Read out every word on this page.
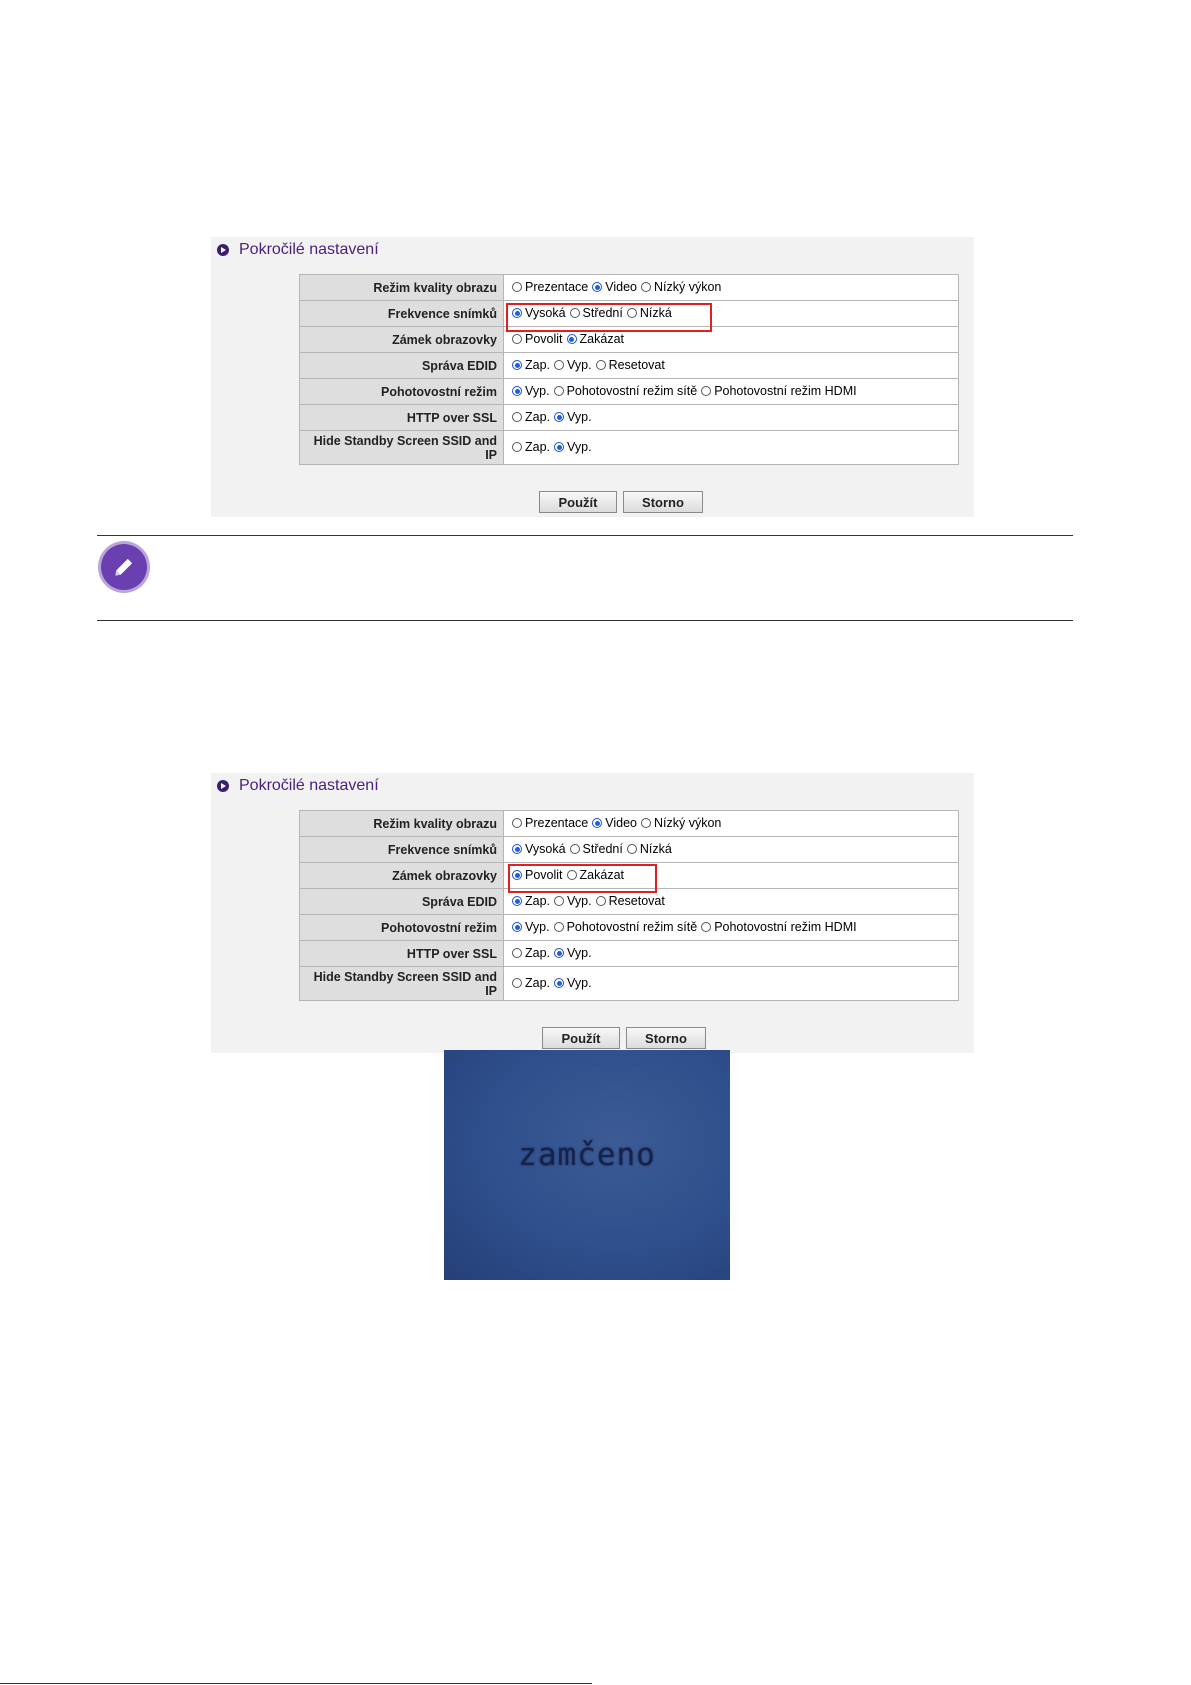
Pokročilé nastavení
Režim kvality obrazu	Prezentace Video Nízký výkon

Frekvence snímků	Vysoká Střední Nízká

Zámek obrazovky	Povolit Zakázat

Správa EDID	Zap. Vyp. Resetovat

Pohotovostní režim	Vyp. Pohotovostní režim sítě Pohotovostní režim HDMI

HTTP over SSL	Zap. Vyp.

Hide Standby Screen SSID and IP	Zap. Vyp.
Použít	Storno
Pokročilé nastavení
Režim kvality obrazu	Prezentace Video Nízký výkon

Frekvence snímků	Vysoká Střední Nízká

Zámek obrazovky	Povolit Zakázat

Správa EDID	Zap. Vyp. Resetovat

Pohotovostní režim	Vyp. Pohotovostní režim sítě Pohotovostní režim HDMI

HTTP over SSL	Zap. Vyp.

Hide Standby Screen SSID and IP	Zap. Vyp.
Použít	Storno
zamčeno
